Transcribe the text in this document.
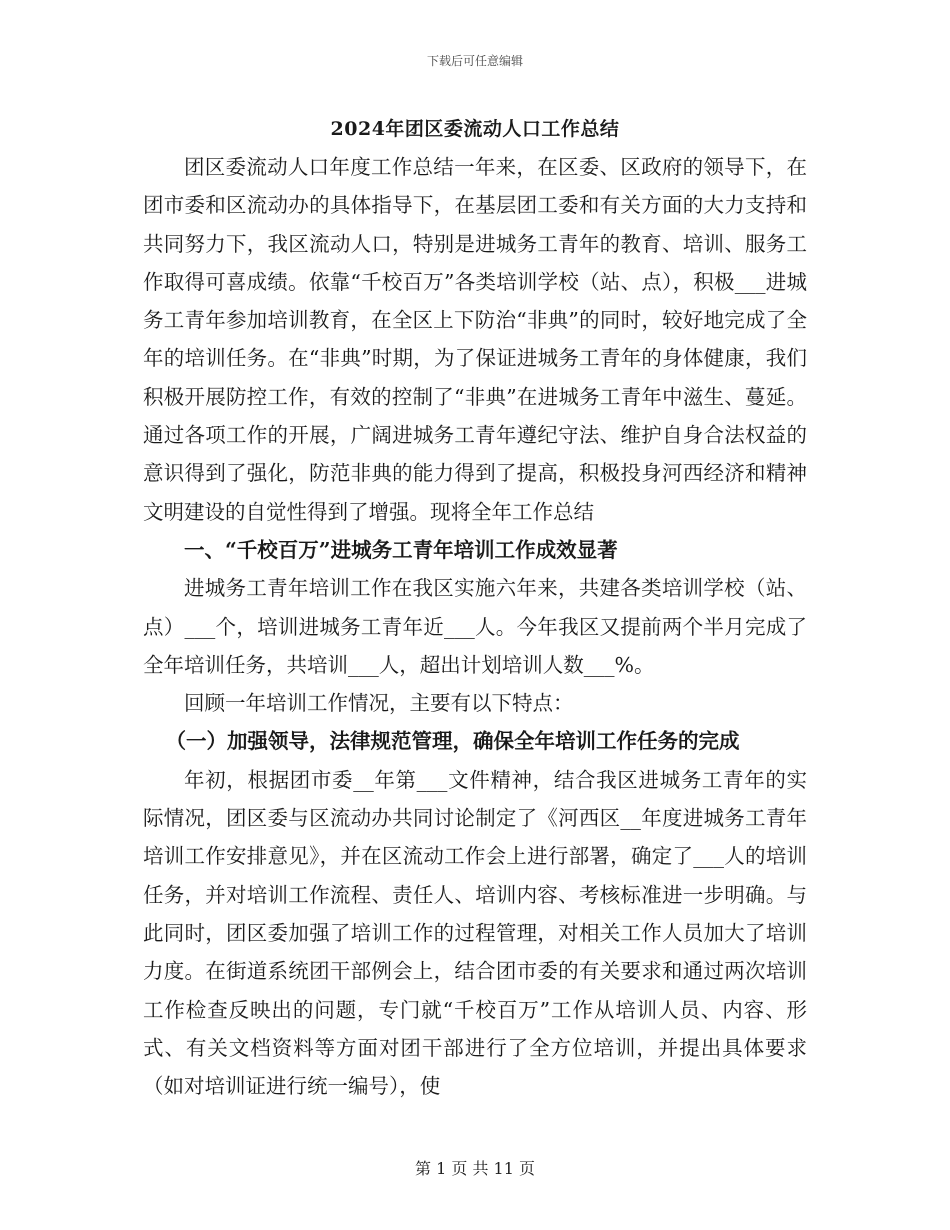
下载后可任意编辑
2024年团区委流动人口工作总结

团区委流动人口年度工作总结一年来，在区委、区政府的领导下，在团市委和区流动办的具体指导下，在基层团工委和有关方面的大力支持和共同努力下，我区流动人口，特别是进城务工青年的教育、培训、服务工作取得可喜成绩。依靠“千校百万”各类培训学校（站、点），积极___进城务工青年参加培训教育，在全区上下防治“非典”的同时，较好地完成了全年的培训任务。在“非典”时期，为了保证进城务工青年的身体健康，我们积极开展防控工作，有效的控制了“非典”在进城务工青年中滋生、蔓延。通过各项工作的开展，广阔进城务工青年遵纪守法、维护自身合法权益的意识得到了强化，防范非典的能力得到了提高，积极投身河西经济和精神文明建设的自觉性得到了增强。现将全年工作总结

一、“千校百万”进城务工青年培训工作成效显著

进城务工青年培训工作在我区实施六年来，共建各类培训学校（站、点）___个，培训进城务工青年近___人。今年我区又提前两个半月完成了全年培训任务，共培训___人，超出计划培训人数___%。

回顾一年培训工作情况，主要有以下特点：

（一）加强领导，法律规范管理，确保全年培训工作任务的完成

年初，根据团市委__年第___文件精神，结合我区进城务工青年的实际情况，团区委与区流动办共同讨论制定了《河西区__年度进城务工青年培训工作安排意见》，并在区流动工作会上进行部署，确定了___人的培训任务，并对培训工作流程、责任人、培训内容、考核标准进一步明确。与此同时，团区委加强了培训工作的过程管理，对相关工作人员加大了培训力度。在街道系统团干部例会上，结合团市委的有关要求和通过两次培训工作检查反映出的问题，专门就“千校百万”工作从培训人员、内容、形式、有关文档资料等方面对团干部进行了全方位培训，并提出具体要求（如对培训证进行统一编号），使

第 1 页 共 11 页
